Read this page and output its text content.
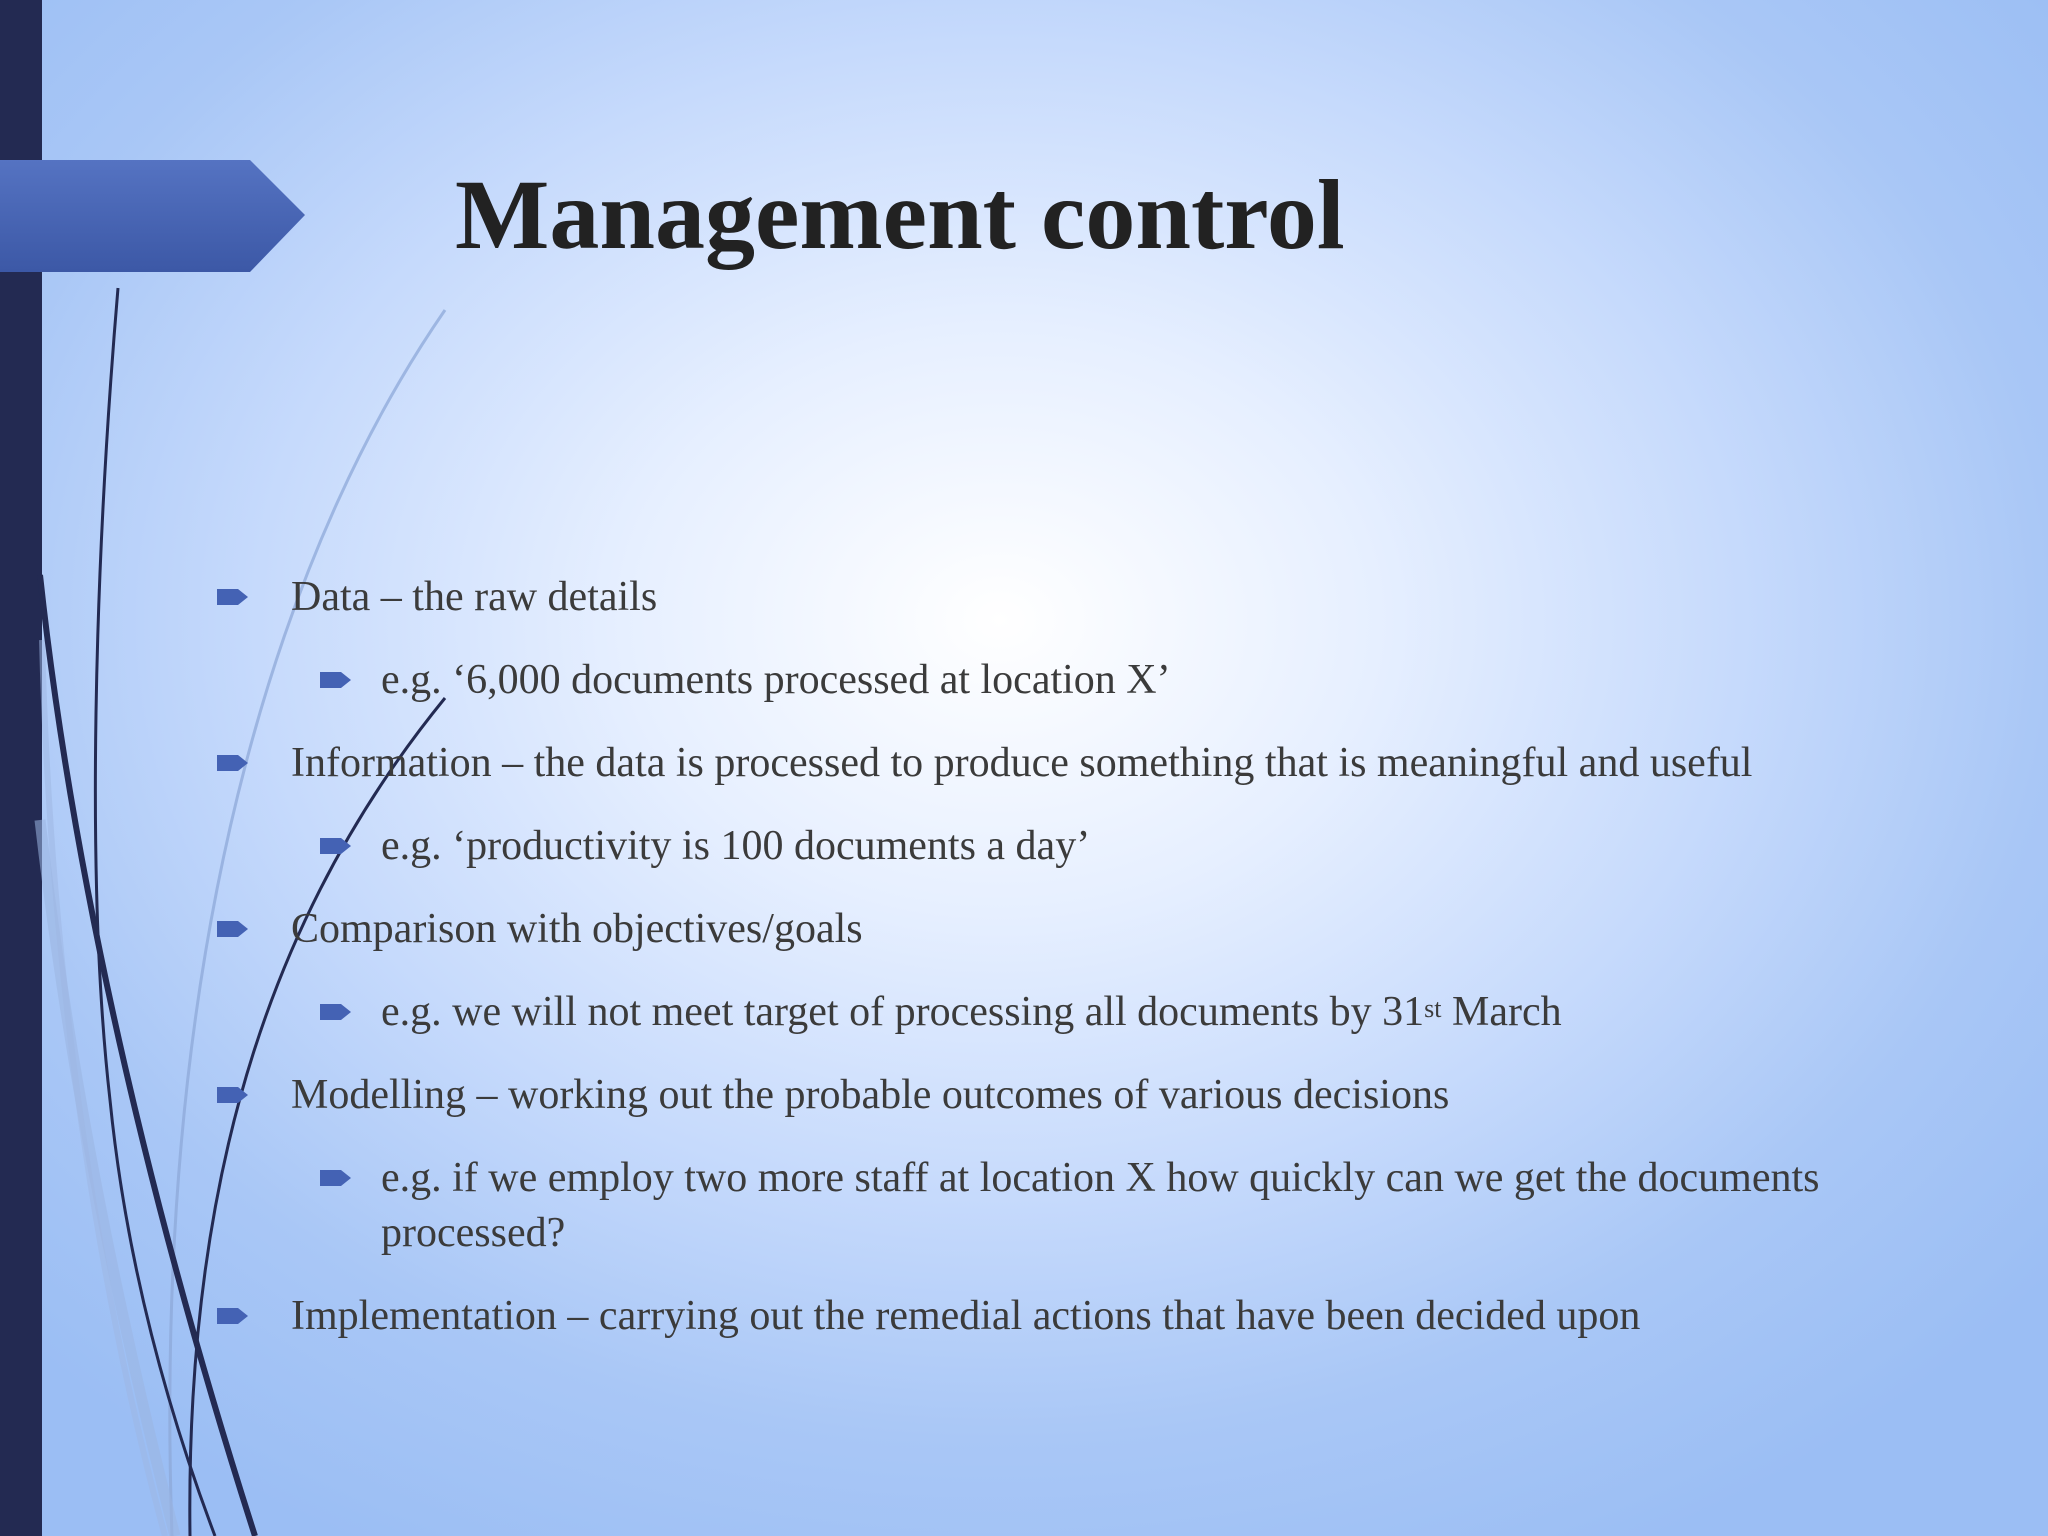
Management control
Data – the raw details
e.g. ‘6,000 documents processed at location X’
Information – the data is processed to produce something that is meaningful and useful
e.g. ‘productivity is 100 documents a day’
Comparison with objectives/goals
e.g. we will not meet target of processing all documents by 31st March
Modelling – working out the probable outcomes of various decisions
e.g. if we employ two more staff at location X how quickly can we get the documents
processed?
Implementation – carrying out the remedial actions that have been decided upon
